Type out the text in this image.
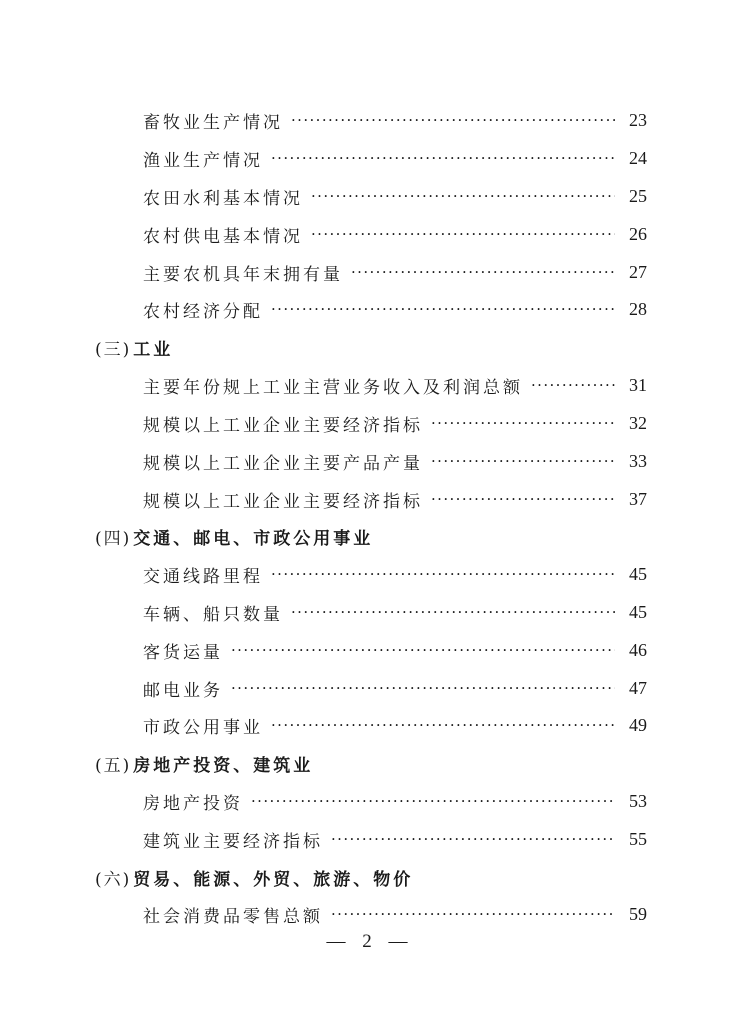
畜牧业生产情况 ·····	23
渔业生产情况 ·····	24
农田水利基本情况 ·····	25
农村供电基本情况 ·····	26
主要农机具年末拥有量 ·····	27
农村经济分配 ·····	28
(三) 工业
主要年份规上工业主营业务收入及利润总额 ·····	31
规模以上工业企业主要经济指标 ·····	32
规模以上工业企业主要产品产量 ·····	33
规模以上工业企业主要经济指标 ·····	37
(四) 交通、邮电、市政公用事业
交通线路里程 ·····	45
车辆、船只数量 ·····	45
客货运量 ·····	46
邮电业务 ·····	47
市政公用事业 ·····	49
(五) 房地产投资、建筑业
房地产投资 ·····	53
建筑业主要经济指标 ·····	55
(六) 贸易、能源、外贸、旅游、物价
社会消费品零售总额 ·····	59
— 2 —
